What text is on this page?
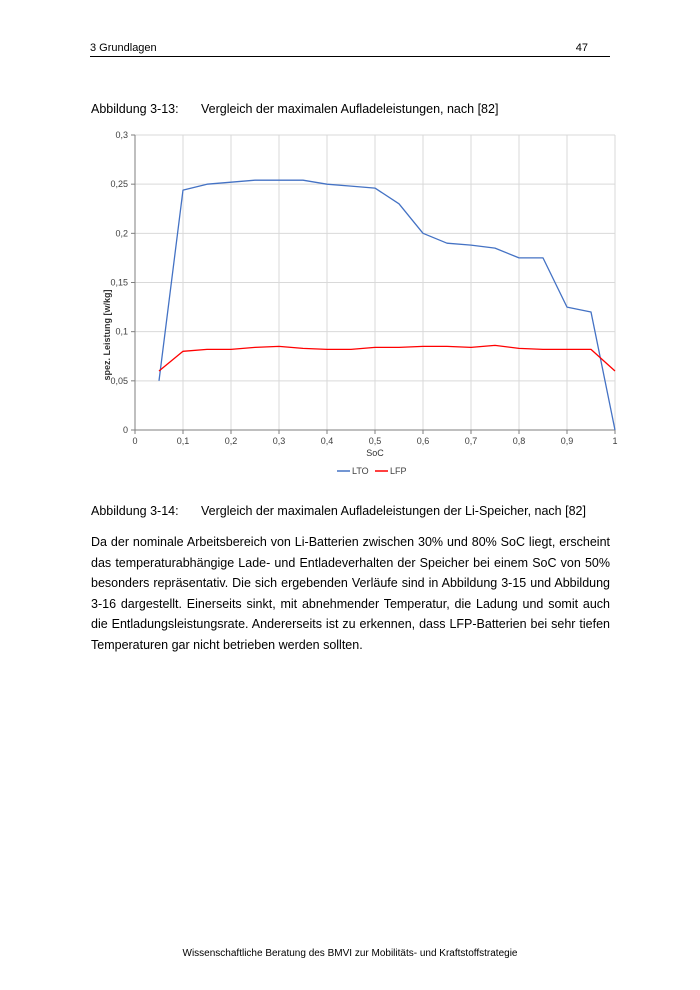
3 Grundlagen	47
Abbildung 3-13: Vergleich der maximalen Aufladeleistungen, nach [82]
0	0,1	0,2	0,3	0,4	0,5	0,6	0,7	0,8	0,9	1
0
0,05
0,1
0,15
0,2
0,25
0,3
LTO LFP
SoC
spez. Leistung [w/kg]
Abbildung 3-14: Vergleich der maximalen Aufladeleistungen der Li-Speicher, nach [82]

Da der nominale Arbeitsbereich von Li-Batterien zwischen 30% und 80% SoC liegt, erscheint das temperaturabhängige Lade- und Entladeverhalten der Speicher bei einem SoC von 50% besonders repräsentativ. Die sich ergebenden Verläufe sind in Abbildung 3-15 und Abbildung 3-16 dargestellt. Einerseits sinkt, mit abnehmender Temperatur, die Ladung und somit auch die Entladungsleistungsrate. Andererseits ist zu erkennen, dass LFP-Batterien bei sehr tiefen Temperaturen gar nicht betrieben werden sollten.

Wissenschaftliche Beratung des BMVI zur Mobilitäts- und Kraftstoffstrategie
